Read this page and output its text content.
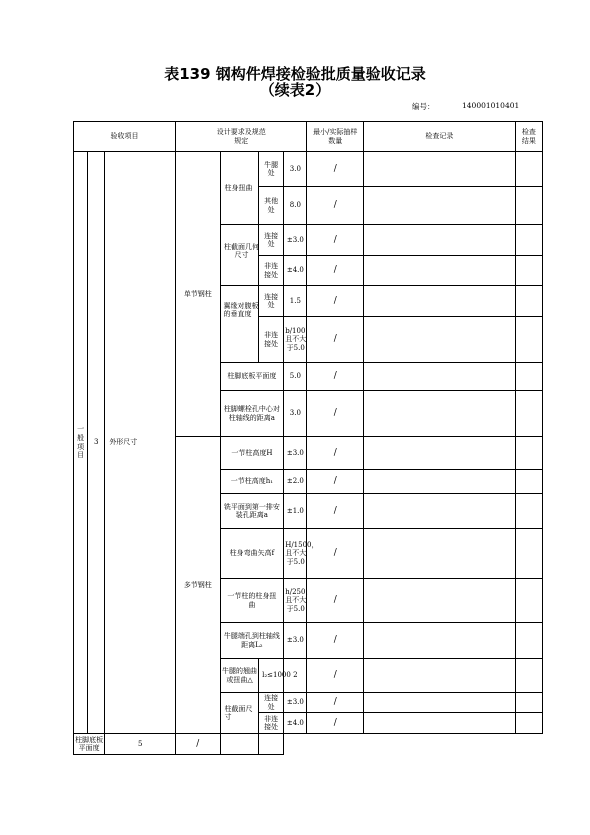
表139 钢构件焊接检验批质量验收记录
（续表2）
编号：	140001010401
验收项目			设计要求及规范规定				最小/实际抽样数量	检查记录	检查结果
一般项目	3	外形尺寸	单节钢柱	柱身扭曲	牛腿处	3.0	/		
					其他处	8.0	/		
				柱截面几何尺寸	连接处	±3.0	/		
					非连接处	±4.0	/		
				翼缘对腹板的垂直度	连接处	1.5	/		
					非连接处	b/100，且不大于5.0	/		
				柱脚底板平面度		5.0	/		
				柱脚螺栓孔中心对柱轴线的距离a		3.0	/		

			多节钢柱	一节柱高度H		±3.0	/		
				一节柱高度h₁		±2.0	/		
				铣平面到第一排安装孔距离a		±1.0	/		
				柱身弯曲矢高f		H/1500，且不大于5.0	/		
				一节柱的柱身扭曲		h/250，且不大于5.0	/		
				牛腿端孔到柱轴线距离L₂		±3.0	/		
				牛腿的翘曲或扭曲△	l₂≤1000	2	/		
				柱截面尺寸	连接处	±3.0	/		
					非连接处	±4.0	/		
柱脚底板平面度		5	/						
